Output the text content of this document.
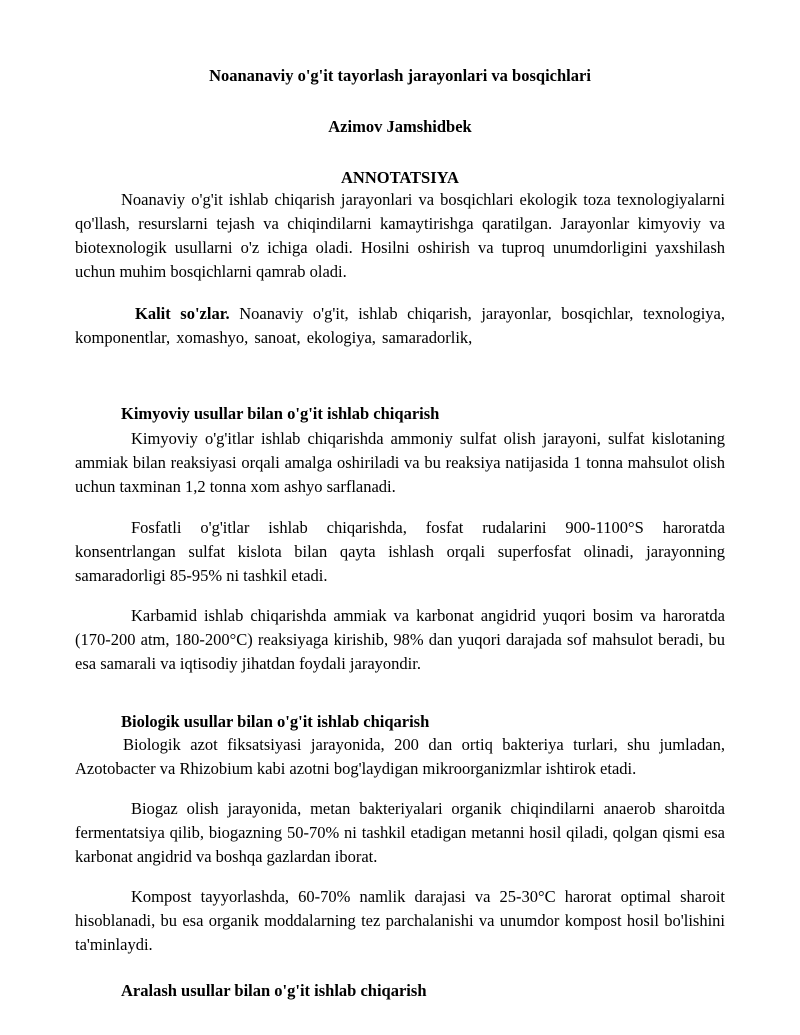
Noananaviy o'g'it tayorlash jarayonlari va bosqichlari
Azimov Jamshidbek
ANNOTATSIYA

Noanaviy o'g'it ishlab chiqarish jarayonlari va bosqichlari ekologik toza texnologiyalarni qo'llash, resurslarni tejash va chiqindilarni kamaytirishga qaratilgan. Jarayonlar kimyoviy va biotexnologik usullarni o'z ichiga oladi. Hosilni oshirish va tuproq unumdorligini yaxshilash uchun muhim bosqichlarni qamrab oladi.

Kalit so'zlar. Noanaviy o'g'it, ishlab chiqarish, jarayonlar, bosqichlar, texnologiya, komponentlar, xomashyo, sanoat, ekologiya, samaradorlik,

Kimyoviy usullar bilan o'g'it ishlab chiqarish

Kimyoviy o'g'itlar ishlab chiqarishda ammoniy sulfat olish jarayoni, sulfat kislotaning ammiak bilan reaksiyasi orqali amalga oshiriladi va bu reaksiya natijasida 1 tonna mahsulot olish uchun taxminan 1,2 tonna xom ashyo sarflanadi.

Fosfatli o'g'itlar ishlab chiqarishda, fosfat rudalarini 900-1100°S haroratda konsentrlangan sulfat kislota bilan qayta ishlash orqali superfosfat olinadi, jarayonning samaradorligi 85-95% ni tashkil etadi.

Karbamid ishlab chiqarishda ammiak va karbonat angidrid yuqori bosim va haroratda (170-200 atm, 180-200°C) reaksiyaga kirishib, 98% dan yuqori darajada sof mahsulot beradi, bu esa samarali va iqtisodiy jihatdan foydali jarayondir.

Biologik usullar bilan o'g'it ishlab chiqarish

Biologik azot fiksatsiyasi jarayonida, 200 dan ortiq bakteriya turlari, shu jumladan, Azotobacter va Rhizobium kabi azotni bog'laydigan mikroorganizmlar ishtirok etadi.

Biogaz olish jarayonida, metan bakteriyalari organik chiqindilarni anaerob sharoitda fermentatsiya qilib, biogazning 50-70% ni tashkil etadigan metanni hosil qiladi, qolgan qismi esa karbonat angidrid va boshqa gazlardan iborat.

Kompost tayyorlashda, 60-70% namlik darajasi va 25-30°C harorat optimal sharoit hisoblanadi, bu esa organik moddalarning tez parchalanishi va unumdor kompost hosil bo'lishini ta'minlaydi.

Aralash usullar bilan o'g'it ishlab chiqarish
